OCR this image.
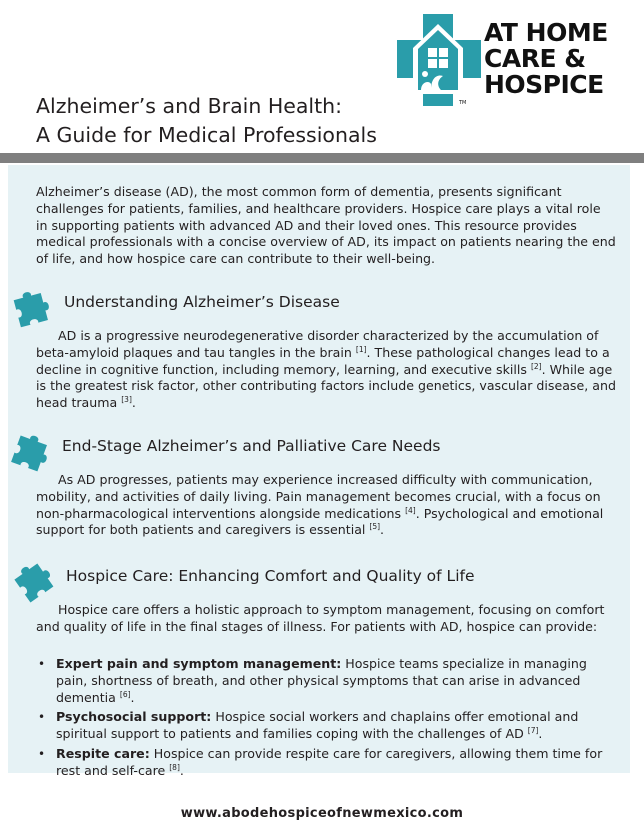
Alzheimer’s and Brain Health:
A Guide for Medical Professionals
TM
AT HOME
CARE &
HOSPICE

Alzheimer’s disease (AD), the most common form of dementia, presents significant challenges for patients, families, and healthcare providers. Hospice care plays a vital role in supporting patients with advanced AD and their loved ones. This resource provides medical professionals with a concise overview of AD, its impact on patients nearing the end of life, and how hospice care can contribute to their well-being.

Understanding Alzheimer’s Disease

AD is a progressive neurodegenerative disorder characterized by the accumulation of beta-amyloid plaques and tau tangles in the brain [1]. These pathological changes lead to a decline in cognitive function, including memory, learning, and executive skills [2]. While age is the greatest risk factor, other contributing factors include genetics, vascular disease, and head trauma [3].

End-Stage Alzheimer’s and Palliative Care Needs

As AD progresses, patients may experience increased difficulty with communication, mobility, and activities of daily living. Pain management becomes crucial, with a focus on non-pharmacological interventions alongside medications [4]. Psychological and emotional support for both patients and caregivers is essential [5].

Hospice Care: Enhancing Comfort and Quality of Life

Hospice care offers a holistic approach to symptom management, focusing on comfort and quality of life in the final stages of illness. For patients with AD, hospice can provide:

• Expert pain and symptom management: Hospice teams specialize in managing pain, shortness of breath, and other physical symptoms that can arise in advanced dementia [6].
• Psychosocial support: Hospice social workers and chaplains offer emotional and spiritual support to patients and families coping with the challenges of AD [7].
• Respite care: Hospice can provide respite care for caregivers, allowing them time for rest and self-care [8].
www.abodehospiceofnewmexico.com
